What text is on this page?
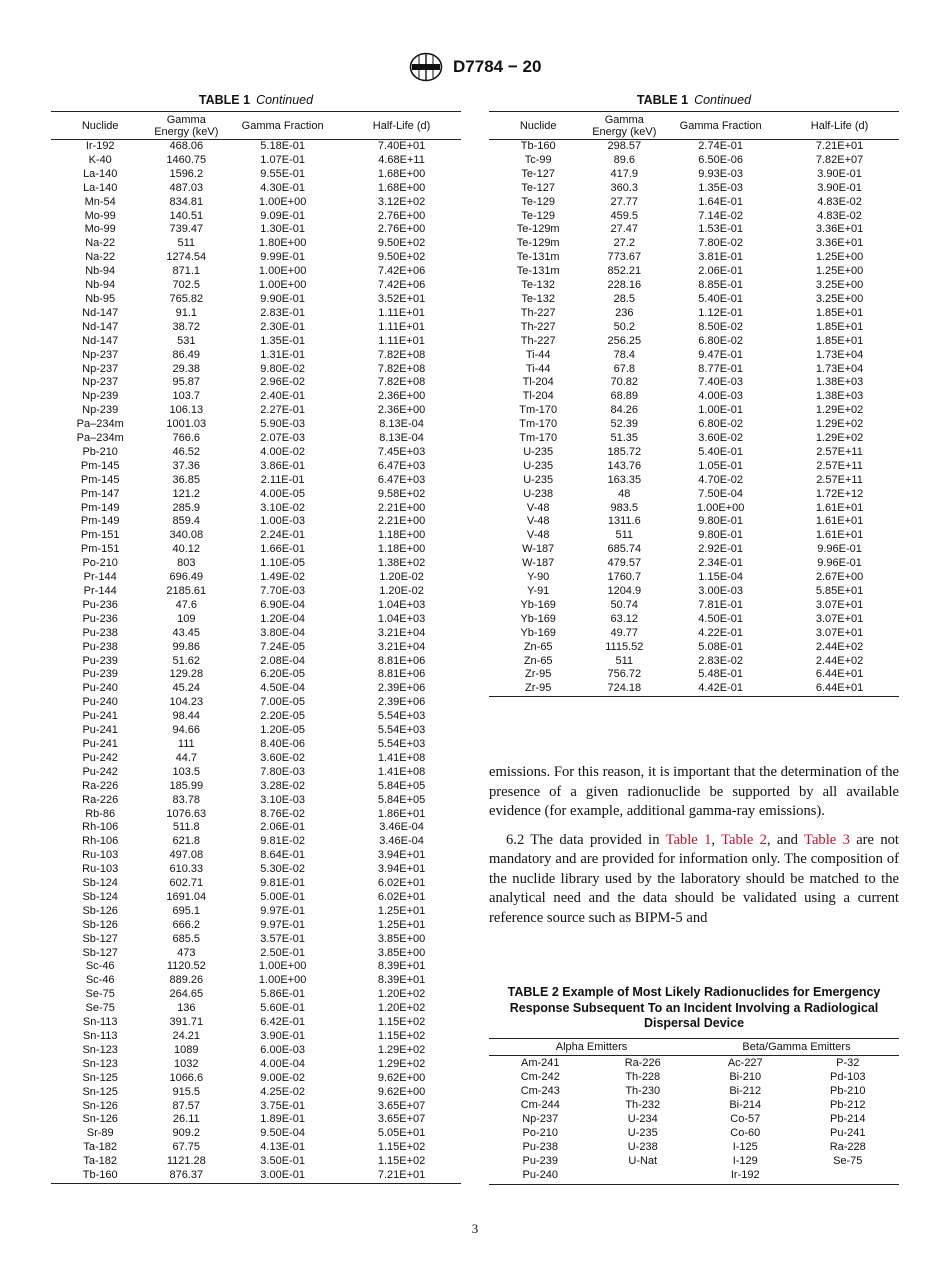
D7784 − 20
TABLE 1 Continued
Nuclide	Gamma Energy (keV)	Gamma Fraction	Half-Life (d)
Ir-192	468.06	5.18E-01	7.40E+01
K-40	1460.75	1.07E-01	4.68E+11
La-140	1596.2	9.55E-01	1.68E+00
La-140	487.03	4.30E-01	1.68E+00
Mn-54	834.81	1.00E+00	3.12E+02
Mo-99	140.51	9.09E-01	2.76E+00
Mo-99	739.47	1.30E-01	2.76E+00
Na-22	511	1.80E+00	9.50E+02
Na-22	1274.54	9.99E-01	9.50E+02
Nb-94	871.1	1.00E+00	7.42E+06
Nb-94	702.5	1.00E+00	7.42E+06
Nb-95	765.82	9.90E-01	3.52E+01
Nd-147	91.1	2.83E-01	1.11E+01
Nd-147	38.72	2.30E-01	1.11E+01
Nd-147	531	1.35E-01	1.11E+01
Np-237	86.49	1.31E-01	7.82E+08
Np-237	29.38	9.80E-02	7.82E+08
Np-237	95.87	2.96E-02	7.82E+08
Np-239	103.7	2.40E-01	2.36E+00
Np-239	106.13	2.27E-01	2.36E+00
Pa–234m	1001.03	5.90E-03	8.13E-04
Pa–234m	766.6	2.07E-03	8.13E-04
Pb-210	46.52	4.00E-02	7.45E+03
Pm-145	37.36	3.86E-01	6.47E+03
Pm-145	36.85	2.11E-01	6.47E+03
Pm-147	121.2	4.00E-05	9.58E+02
Pm-149	285.9	3.10E-02	2.21E+00
Pm-149	859.4	1.00E-03	2.21E+00
Pm-151	340.08	2.24E-01	1.18E+00
Pm-151	40.12	1.66E-01	1.18E+00
Po-210	803	1.10E-05	1.38E+02
Pr-144	696.49	1.49E-02	1.20E-02
Pr-144	2185.61	7.70E-03	1.20E-02
Pu-236	47.6	6.90E-04	1.04E+03
Pu-236	109	1.20E-04	1.04E+03
Pu-238	43.45	3.80E-04	3.21E+04
Pu-238	99.86	7.24E-05	3.21E+04
Pu-239	51.62	2.08E-04	8.81E+06
Pu-239	129.28	6.20E-05	8.81E+06
Pu-240	45.24	4.50E-04	2.39E+06
Pu-240	104.23	7.00E-05	2.39E+06
Pu-241	98.44	2.20E-05	5.54E+03
Pu-241	94.66	1.20E-05	5.54E+03
Pu-241	111	8.40E-06	5.54E+03
Pu-242	44.7	3.60E-02	1.41E+08
Pu-242	103.5	7.80E-03	1.41E+08
Ra-226	185.99	3.28E-02	5.84E+05
Ra-226	83.78	3.10E-03	5.84E+05
Rb-86	1076.63	8.76E-02	1.86E+01
Rh-106	511.8	2.06E-01	3.46E-04
Rh-106	621.8	9.81E-02	3.46E-04
Ru-103	497.08	8.64E-01	3.94E+01
Ru-103	610.33	5.30E-02	3.94E+01
Sb-124	602.71	9.81E-01	6.02E+01
Sb-124	1691.04	5.00E-01	6.02E+01
Sb-126	695.1	9.97E-01	1.25E+01
Sb-126	666.2	9.97E-01	1.25E+01
Sb-127	685.5	3.57E-01	3.85E+00
Sb-127	473	2.50E-01	3.85E+00
Sc-46	1120.52	1.00E+00	8.39E+01
Sc-46	889.26	1.00E+00	8.39E+01
Se-75	264.65	5.86E-01	1.20E+02
Se-75	136	5.60E-01	1.20E+02
Sn-113	391.71	6.42E-01	1.15E+02
Sn-113	24.21	3.90E-01	1.15E+02
Sn-123	1089	6.00E-03	1.29E+02
Sn-123	1032	4.00E-04	1.29E+02
Sn-125	1066.6	9.00E-02	9.62E+00
Sn-125	915.5	4.25E-02	9.62E+00
Sn-126	87.57	3.75E-01	3.65E+07
Sn-126	26.11	1.89E-01	3.65E+07
Sr-89	909.2	9.50E-04	5.05E+01
Ta-182	67.75	4.13E-01	1.15E+02
Ta-182	1121.28	3.50E-01	1.15E+02
Tb-160	876.37	3.00E-01	7.21E+01
TABLE 1 Continued
Nuclide	Gamma Energy (keV)	Gamma Fraction	Half-Life (d)
Tb-160	298.57	2.74E-01	7.21E+01
Tc-99	89.6	6.50E-06	7.82E+07
Te-127	417.9	9.93E-03	3.90E-01
Te-127	360.3	1.35E-03	3.90E-01
Te-129	27.77	1.64E-01	4.83E-02
Te-129	459.5	7.14E-02	4.83E-02
Te-129m	27.47	1.53E-01	3.36E+01
Te-129m	27.2	7.80E-02	3.36E+01
Te-131m	773.67	3.81E-01	1.25E+00
Te-131m	852.21	2.06E-01	1.25E+00
Te-132	228.16	8.85E-01	3.25E+00
Te-132	28.5	5.40E-01	3.25E+00
Th-227	236	1.12E-01	1.85E+01
Th-227	50.2	8.50E-02	1.85E+01
Th-227	256.25	6.80E-02	1.85E+01
Ti-44	78.4	9.47E-01	1.73E+04
Ti-44	67.8	8.77E-01	1.73E+04
Tl-204	70.82	7.40E-03	1.38E+03
Tl-204	68.89	4.00E-03	1.38E+03
Tm-170	84.26	1.00E-01	1.29E+02
Tm-170	52.39	6.80E-02	1.29E+02
Tm-170	51.35	3.60E-02	1.29E+02
U-235	185.72	5.40E-01	2.57E+11
U-235	143.76	1.05E-01	2.57E+11
U-235	163.35	4.70E-02	2.57E+11
U-238	48	7.50E-04	1.72E+12
V-48	983.5	1.00E+00	1.61E+01
V-48	1311.6	9.80E-01	1.61E+01
V-48	511	9.80E-01	1.61E+01
W-187	685.74	2.92E-01	9.96E-01
W-187	479.57	2.34E-01	9.96E-01
Y-90	1760.7	1.15E-04	2.67E+00
Y-91	1204.9	3.00E-03	5.85E+01
Yb-169	50.74	7.81E-01	3.07E+01
Yb-169	63.12	4.50E-01	3.07E+01
Yb-169	49.77	4.22E-01	3.07E+01
Zn-65	1115.52	5.08E-01	2.44E+02
Zn-65	511	2.83E-02	2.44E+02
Zr-95	756.72	5.48E-01	6.44E+01
Zr-95	724.18	4.42E-01	6.44E+01

emissions. For this reason, it is important that the determination of the presence of a given radionuclide be supported by all available evidence (for example, additional gamma-ray emissions).

6.2 The data provided in Table 1, Table 2, and Table 3 are not mandatory and are provided for information only. The composition of the nuclide library used by the laboratory should be matched to the analytical need and the data should be validated using a current reference source such as BIPM-5 and

TABLE 2 Example of Most Likely Radionuclides for Emergency Response Subsequent To an Incident Involving a Radiological Dispersal Device
Alpha Emitters		Beta/Gamma Emitters	
Am-241	Ra-226	Ac-227	P-32
Cm-242	Th-228	Bi-210	Pd-103
Cm-243	Th-230	Bi-212	Pb-210
Cm-244	Th-232	Bi-214	Pb-212
Np-237	U-234	Co-57	Pb-214
Po-210	U-235	Co-60	Pu-241
Pu-238	U-238	I-125	Ra-228
Pu-239	U-Nat	I-129	Se-75
Pu-240		Ir-192	
3
